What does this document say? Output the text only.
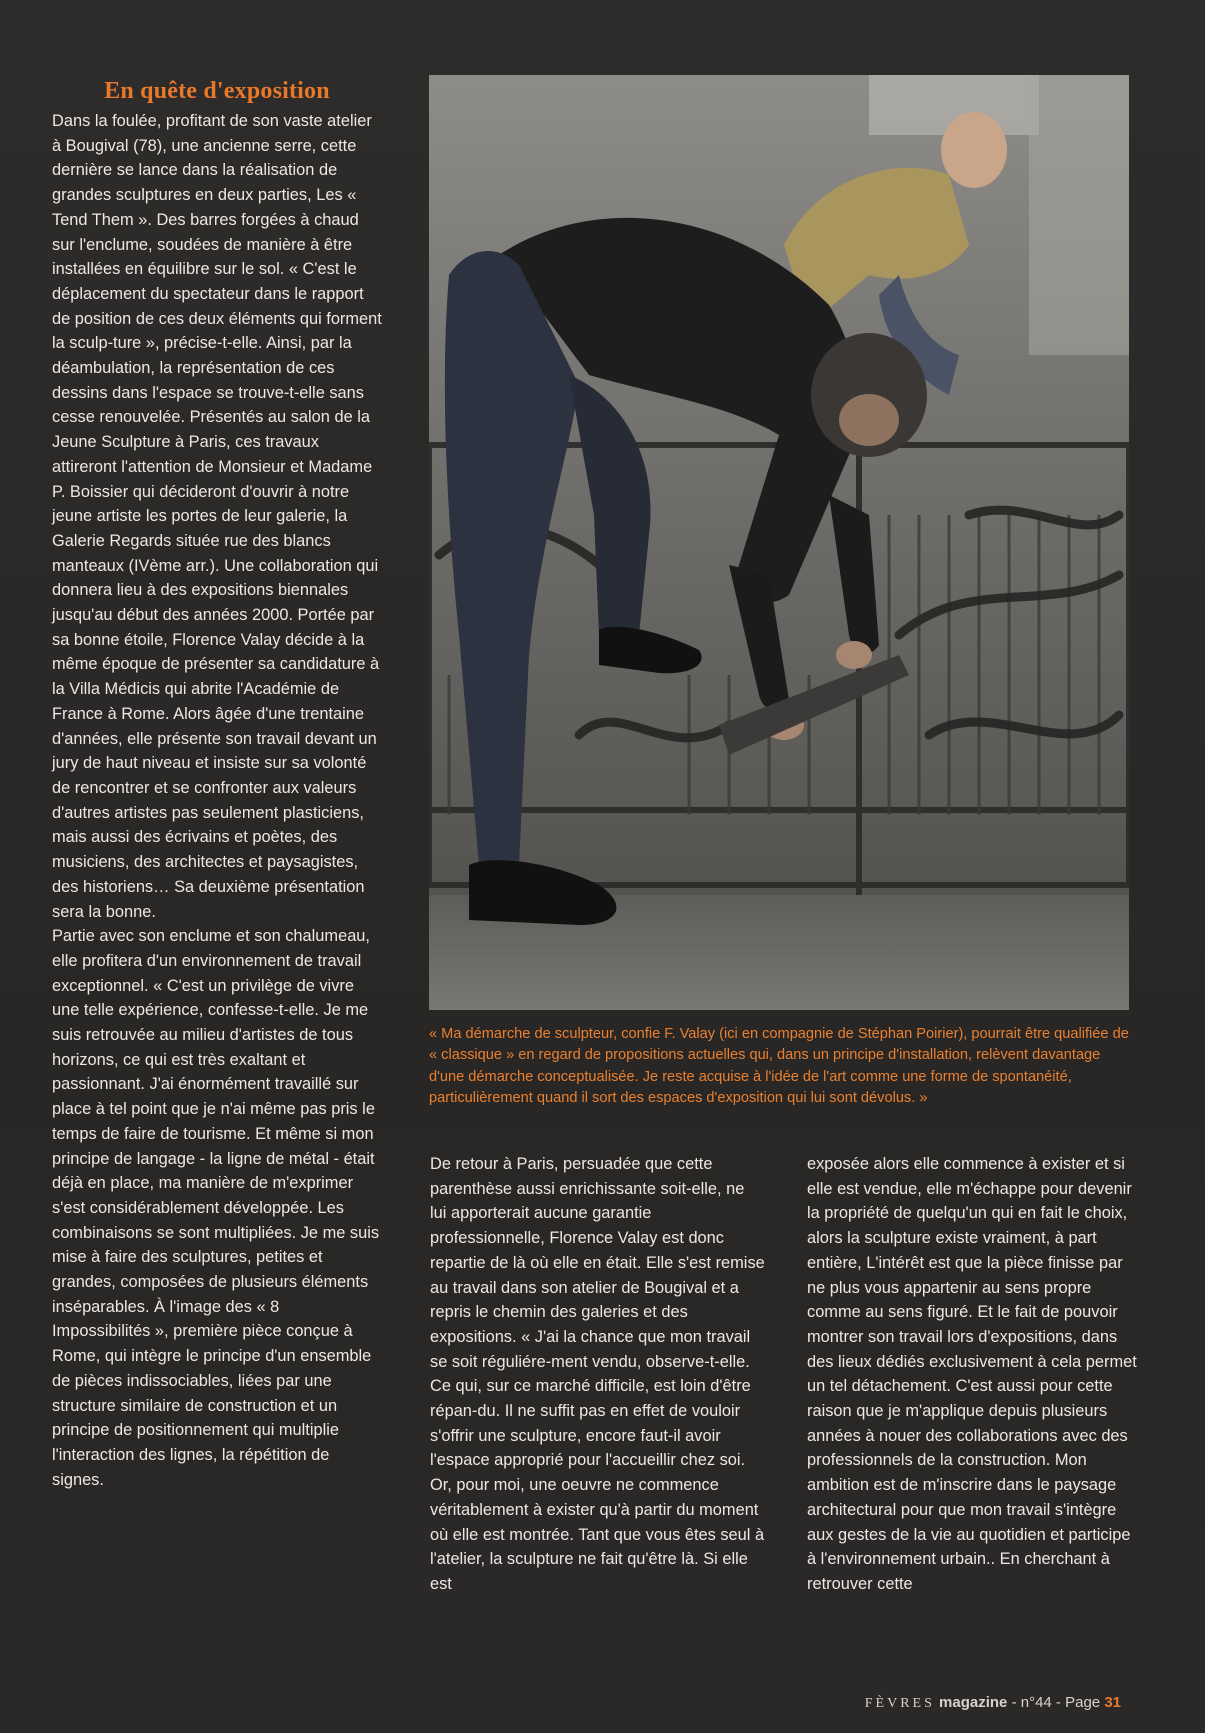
En quête d'exposition

Dans la foulée, profitant de son vaste atelier à Bougival (78), une ancienne serre, cette dernière se lance dans la réalisation de grandes sculptures en deux parties, Les « Tend Them ». Des barres forgées à chaud sur l'enclume, soudées de manière à être installées en équilibre sur le sol. « C'est le déplacement du spectateur dans le rapport de position de ces deux éléments qui forment la sculp-ture », précise-t-elle. Ainsi, par la déambulation, la représentation de ces dessins dans l'espace se trouve-t-elle sans cesse renouvelée. Présentés au salon de la Jeune Sculpture à Paris, ces travaux attireront l'attention de Monsieur et Madame P. Boissier qui décideront d'ouvrir à notre jeune artiste les portes de leur galerie, la Galerie Regards située rue des blancs manteaux (IVème arr.). Une collaboration qui donnera lieu à des expositions biennales jusqu'au début des années 2000. Portée par sa bonne étoile, Florence Valay décide à la même époque de présenter sa candidature à la Villa Médicis qui abrite l'Académie de France à Rome. Alors âgée d'une trentaine d'années, elle présente son travail devant un jury de haut niveau et insiste sur sa volonté de rencontrer et se confronter aux valeurs d'autres artistes pas seulement plasticiens, mais aussi des écrivains et poètes, des musiciens, des architectes et paysagistes, des historiens… Sa deuxième présentation sera la bonne.
Partie avec son enclume et son chalumeau, elle profitera d'un environnement de travail exceptionnel. « C'est un privilège de vivre une telle expérience, confesse-t-elle. Je me suis retrouvée au milieu d'artistes de tous horizons, ce qui est très exaltant et passionnant. J'ai énormément travaillé sur place à tel point que je n'ai même pas pris le temps de faire de tourisme. Et même si mon principe de langage - la ligne de métal - était déjà en place, ma manière de m'exprimer s'est considérablement développée. Les combinaisons se sont multipliées. Je me suis mise à faire des sculptures, petites et grandes, composées de plusieurs éléments inséparables. À l'image des « 8 Impossibilités », première pièce conçue à Rome, qui intègre le principe d'un ensemble de pièces indissociables, liées par une structure similaire de construction et un principe de positionnement qui multiplie l'interaction des lignes, la répétition de signes.

« Ma démarche de sculpteur, confie F. Valay (ici en compagnie de Stéphan Poirier), pourrait être qualifiée de « classique » en regard de propositions actuelles qui, dans un principe d'installation, relèvent davantage d'une démarche conceptualisée. Je reste acquise à l'idée de l'art comme une forme de spontanéité, particulièrement quand il sort des espaces d'exposition qui lui sont dévolus. »

De retour à Paris, persuadée que cette parenthèse aussi enrichissante soit-elle, ne lui apporterait aucune garantie professionnelle, Florence Valay est donc repartie de là où elle en était. Elle s'est remise au travail dans son atelier de Bougival et a repris le chemin des galeries et des expositions. « J'ai la chance que mon travail se soit réguliére-ment vendu, observe-t-elle. Ce qui, sur ce marché difficile, est loin d'être répan-du. Il ne suffit pas en effet de vouloir s'offrir une sculpture, encore faut-il avoir l'espace approprié pour l'accueillir chez soi. Or, pour moi, une oeuvre ne commence véritablement à exister qu'à partir du moment où elle est montrée. Tant que vous êtes seul à l'atelier, la sculpture ne fait qu'être là. Si elle est

exposée alors elle commence à exister et si elle est vendue, elle m'échappe pour devenir la propriété de quelqu'un qui en fait le choix, alors la sculpture existe vraiment, à part entière, L'intérêt est que la pièce finisse par ne plus vous appartenir au sens propre comme au sens figuré. Et le fait de pouvoir montrer son travail lors d'expositions, dans des lieux dédiés exclusivement à cela permet un tel détachement. C'est aussi pour cette raison que je m'applique depuis plusieurs années à nouer des collaborations avec des professionnels de la construction. Mon ambition est de m'inscrire dans le paysage architectural pour que mon travail s'intègre aux gestes de la vie au quotidien et participe à l'environnement urbain.. En cherchant à retrouver cette

FÈVRES magazine - n°44 - Page 31
